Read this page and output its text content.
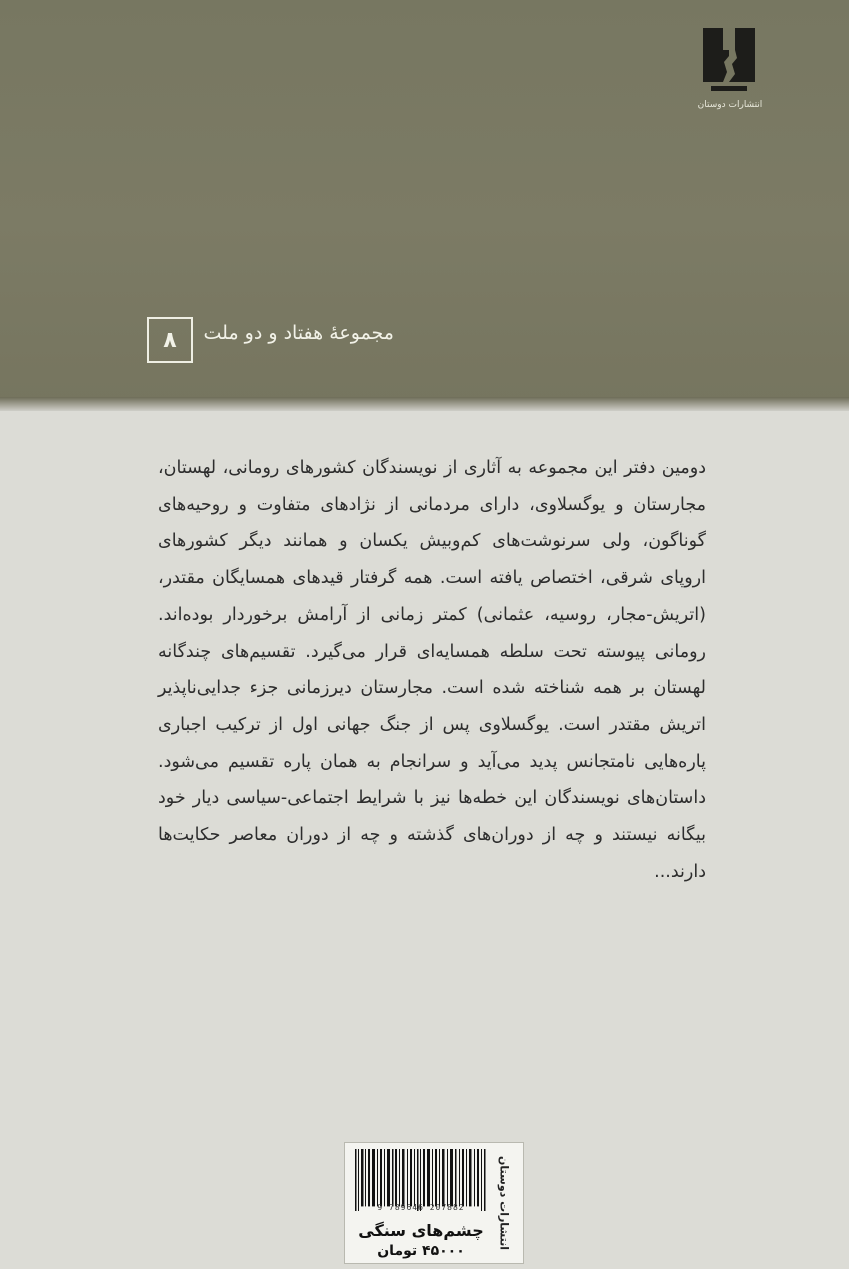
انتشارات دوستان
مجموعۀ هفتاد و دو ملت
۸

دومین دفتر این مجموعه به آثاری از نویسندگان کشورهای رومانی، لهستان، مجارستان و یوگسلاوی، دارای مردمانی از نژادهای متفاوت و روحیه‌های گوناگون، ولی سرنوشت‌های کم‌وبیش یکسان و همانند دیگر کشورهای اروپای شرقی، اختصاص یافته است. همه گرفتار قیدهای همسایگان مقتدر، (اتریش-مجار، روسیه، عثمانی) کمتر زمانی از آرامش برخوردار بوده‌اند. رومانی پیوسته تحت سلطه همسایه‌ای قرار می‌گیرد. تقسیم‌های چندگانه لهستان بر همه شناخته شده است. مجارستان دیرزمانی جزء جدایی‌ناپذیر اتریش مقتدر است. یوگسلاوی پس از جنگ جهانی اول از ترکیب اجباری پاره‌هایی نامتجانس پدید می‌آید و سرانجام به همان پاره تقسیم می‌شود. داستان‌های نویسندگان این خطه‌ها نیز با شرایط اجتماعی-سیاسی دیار خود بیگانه نیستند و چه از دوران‌های گذشته و چه از دوران معاصر حکایت‌ها دارند...

9 789646 207882	انتشارات دوستان
چشم‌های سنگی
۴۵۰۰۰ تومان
